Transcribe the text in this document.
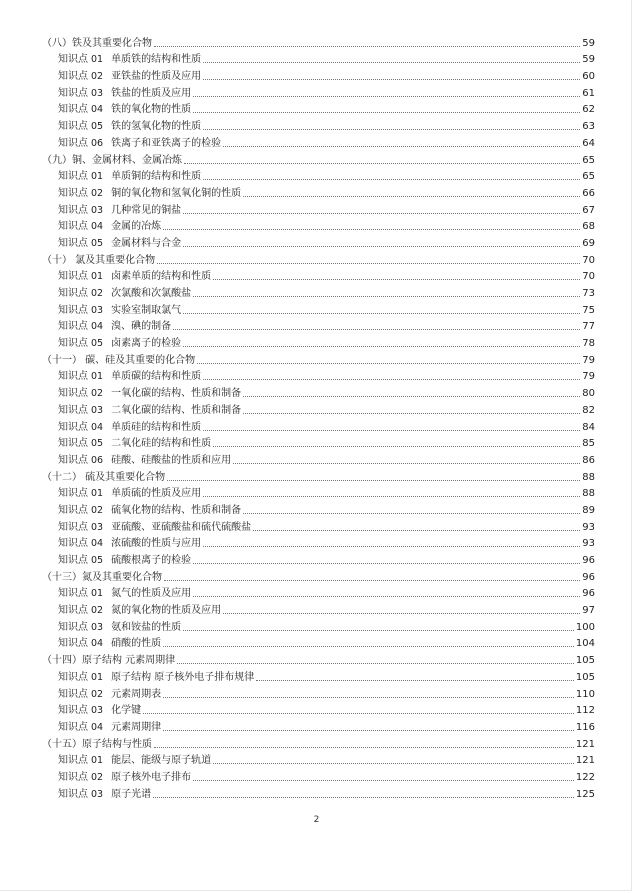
（八）铁及其重要化合物	59
知识点 01 单质铁的结构和性质	59
知识点 02 亚铁盐的性质及应用	60
知识点 03 铁盐的性质及应用	61
知识点 04 铁的氧化物的性质	62
知识点 05 铁的氢氧化物的性质	63
知识点 06 铁离子和亚铁离子的检验	64
（九）铜、金属材料、金属冶炼	65
知识点 01 单质铜的结构和性质	65
知识点 02 铜的氧化物和氢氧化铜的性质	66
知识点 03 几种常见的铜盐	67
知识点 04 金属的冶炼	68
知识点 05 金属材料与合金	69
（十） 氯及其重要化合物	70
知识点 01 卤素单质的结构和性质	70
知识点 02 次氯酸和次氯酸盐	73
知识点 03 实验室制取氯气	75
知识点 04 溴、碘的制备	77
知识点 05 卤素离子的检验	78
（十一） 碳、硅及其重要的化合物	79
知识点 01 单质碳的结构和性质	79
知识点 02 一氧化碳的结构、性质和制备	80
知识点 03 二氧化碳的结构、性质和制备	82
知识点 04 单质硅的结构和性质	84
知识点 05 二氧化硅的结构和性质	85
知识点 06 硅酸、硅酸盐的性质和应用	86
（十二） 硫及其重要化合物	88
知识点 01 单质硫的性质及应用	88
知识点 02 硫氧化物的结构、性质和制备	89
知识点 03 亚硫酸、亚硫酸盐和硫代硫酸盐	93
知识点 04 浓硫酸的性质与应用	93
知识点 05 硫酸根离子的检验	96
（十三）氮及其重要化合物	96
知识点 01 氮气的性质及应用	96
知识点 02 氮的氧化物的性质及应用	97
知识点 03 氨和铵盐的性质	100
知识点 04 硝酸的性质	104
（十四）原子结构 元素周期律	105
知识点 01 原子结构 原子核外电子排布规律	105
知识点 02 元素周期表	110
知识点 03 化学键	112
知识点 04 元素周期律	116
（十五）原子结构与性质	121
知识点 01 能层、能级与原子轨道	121
知识点 02 原子核外电子排布	122
知识点 03 原子光谱	125
2
